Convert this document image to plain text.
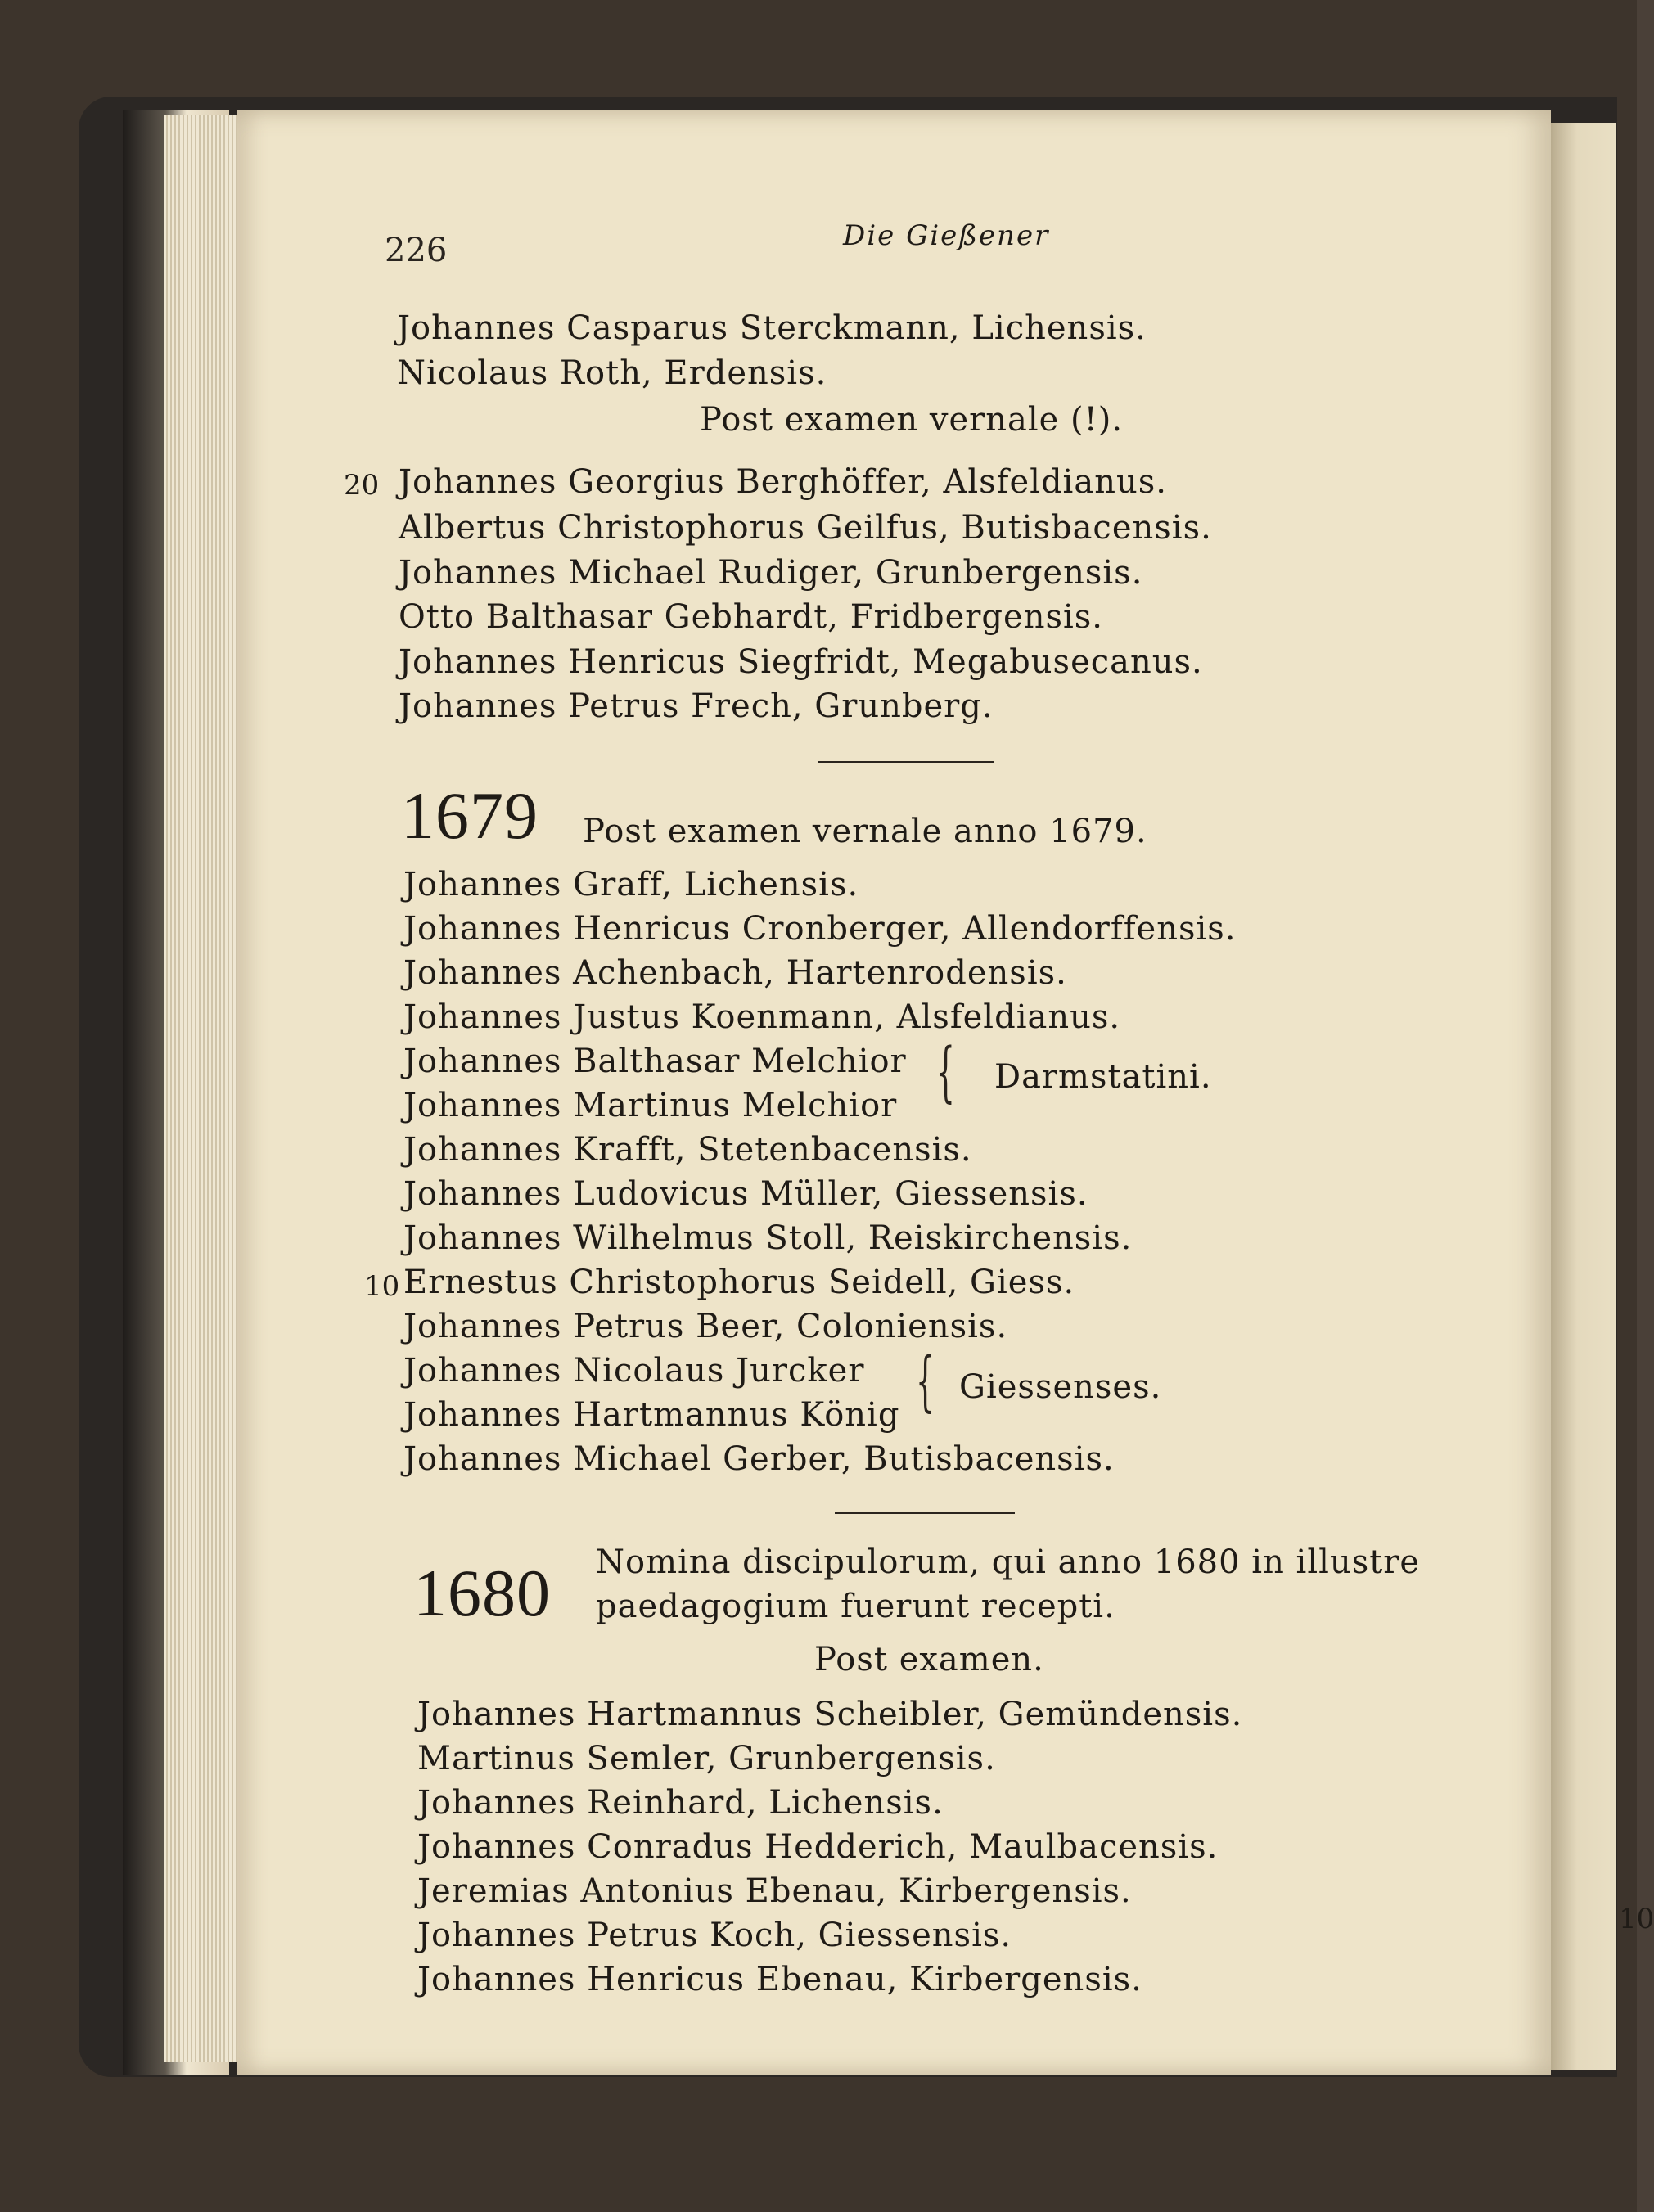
10
226	Die Gießener
Johannes Casparus Sterckmann, Lichensis.
Nicolaus Roth, Erdensis.
Post examen vernale (!).
20 Johannes Georgius Berghöffer, Alsfeldianus.
Albertus Christophorus Geilfus, Butisbacensis.
Johannes Michael Rudiger, Grunbergensis.
Otto Balthasar Gebhardt, Fridbergensis.
Johannes Henricus Siegfridt, Megabusecanus.
Johannes Petrus Frech, Grunberg.
1679 Post examen vernale anno 1679.
Johannes Graff, Lichensis.
Johannes Henricus Cronberger, Allendorffensis.
Johannes Achenbach, Hartenrodensis.
Johannes Justus Koenmann, Alsfeldianus.
Johannes Balthasar Melchior
Johannes Martinus Melchior { Darmstatini.
Johannes Krafft, Stetenbacensis.
Johannes Ludovicus Müller, Giessensis.
Johannes Wilhelmus Stoll, Reiskirchensis.
10 Ernestus Christophorus Seidell, Giess.
Johannes Petrus Beer, Coloniensis.
Johannes Nicolaus Jurcker
Johannes Hartmannus König { Giessenses.
Johannes Michael Gerber, Butisbacensis.
1680 Nomina discipulorum, qui anno 1680 in illustre
paedagogium fuerunt recepti.
Post examen.
Johannes Hartmannus Scheibler, Gemündensis.
Martinus Semler, Grunbergensis.
Johannes Reinhard, Lichensis.
Johannes Conradus Hedderich, Maulbacensis.
Jeremias Antonius Ebenau, Kirbergensis.
Johannes Petrus Koch, Giessensis.
Johannes Henricus Ebenau, Kirbergensis.
